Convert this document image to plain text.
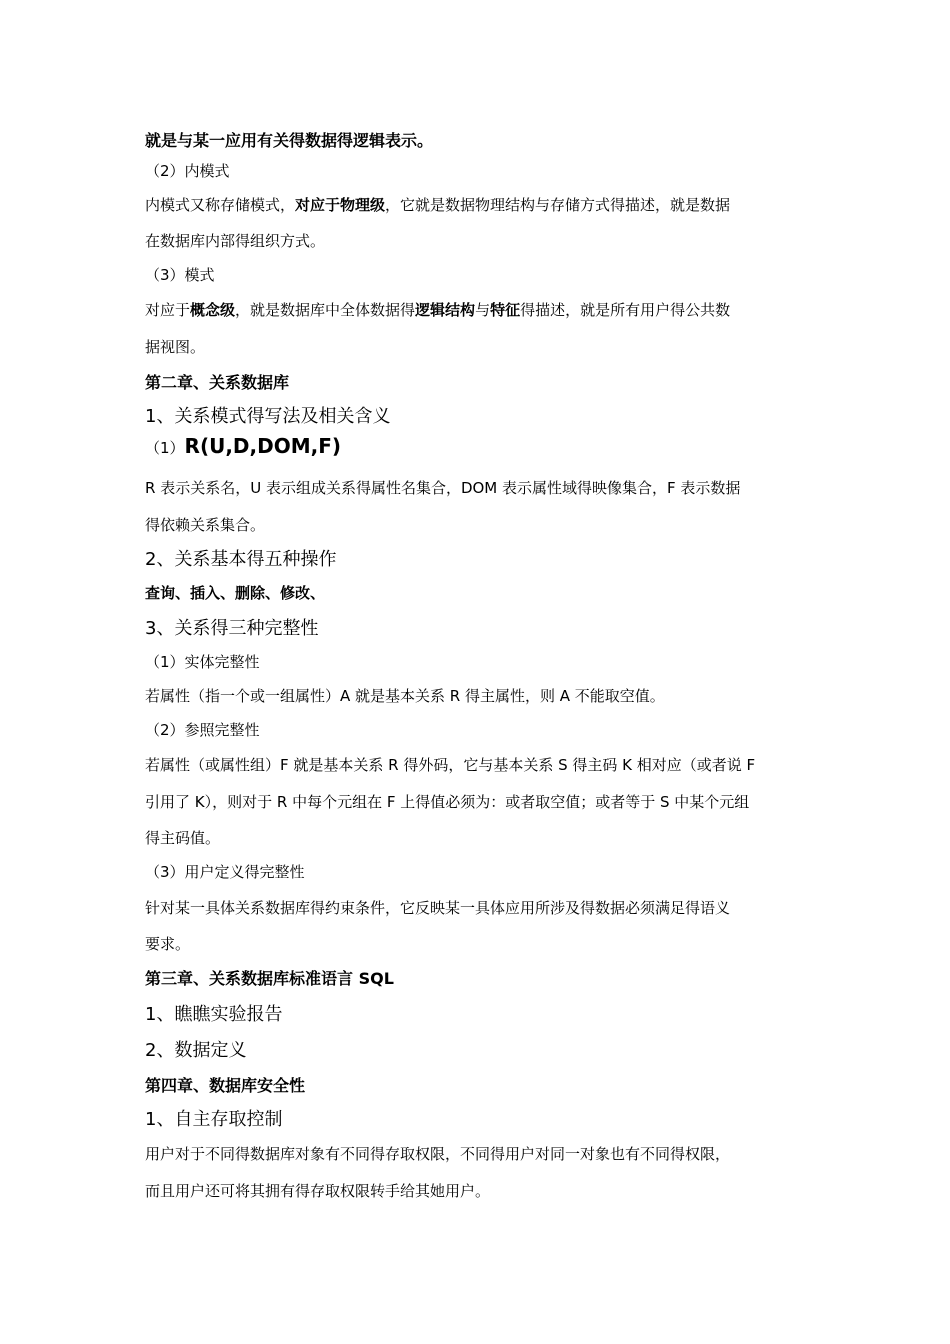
就是与某一应用有关得数据得逻辑表示。
（2）内模式
内模式又称存储模式，对应于物理级，它就是数据物理结构与存储方式得描述，就是数据
在数据库内部得组织方式。
（3）模式
对应于概念级，就是数据库中全体数据得逻辑结构与特征得描述，就是所有用户得公共数
据视图。
第二章、关系数据库
1、关系模式得写法及相关含义
（1）R(U,D,DOM,F)
R 表示关系名，U 表示组成关系得属性名集合，DOM 表示属性域得映像集合，F 表示数据
得依赖关系集合。
2、关系基本得五种操作
查询、插入、删除、修改、
3、关系得三种完整性
（1）实体完整性
若属性（指一个或一组属性）A 就是基本关系 R 得主属性，则 A 不能取空值。
（2）参照完整性
若属性（或属性组）F 就是基本关系 R 得外码，它与基本关系 S 得主码 K 相对应（或者说 F
引用了 K），则对于 R 中每个元组在 F 上得值必须为：或者取空值；或者等于 S 中某个元组
得主码值。
（3）用户定义得完整性
针对某一具体关系数据库得约束条件，它反映某一具体应用所涉及得数据必须满足得语义
要求。
第三章、关系数据库标准语言 SQL
1、瞧瞧实验报告
2、数据定义
第四章、数据库安全性
1、自主存取控制
用户对于不同得数据库对象有不同得存取权限，不同得用户对同一对象也有不同得权限，
而且用户还可将其拥有得存取权限转手给其她用户。
